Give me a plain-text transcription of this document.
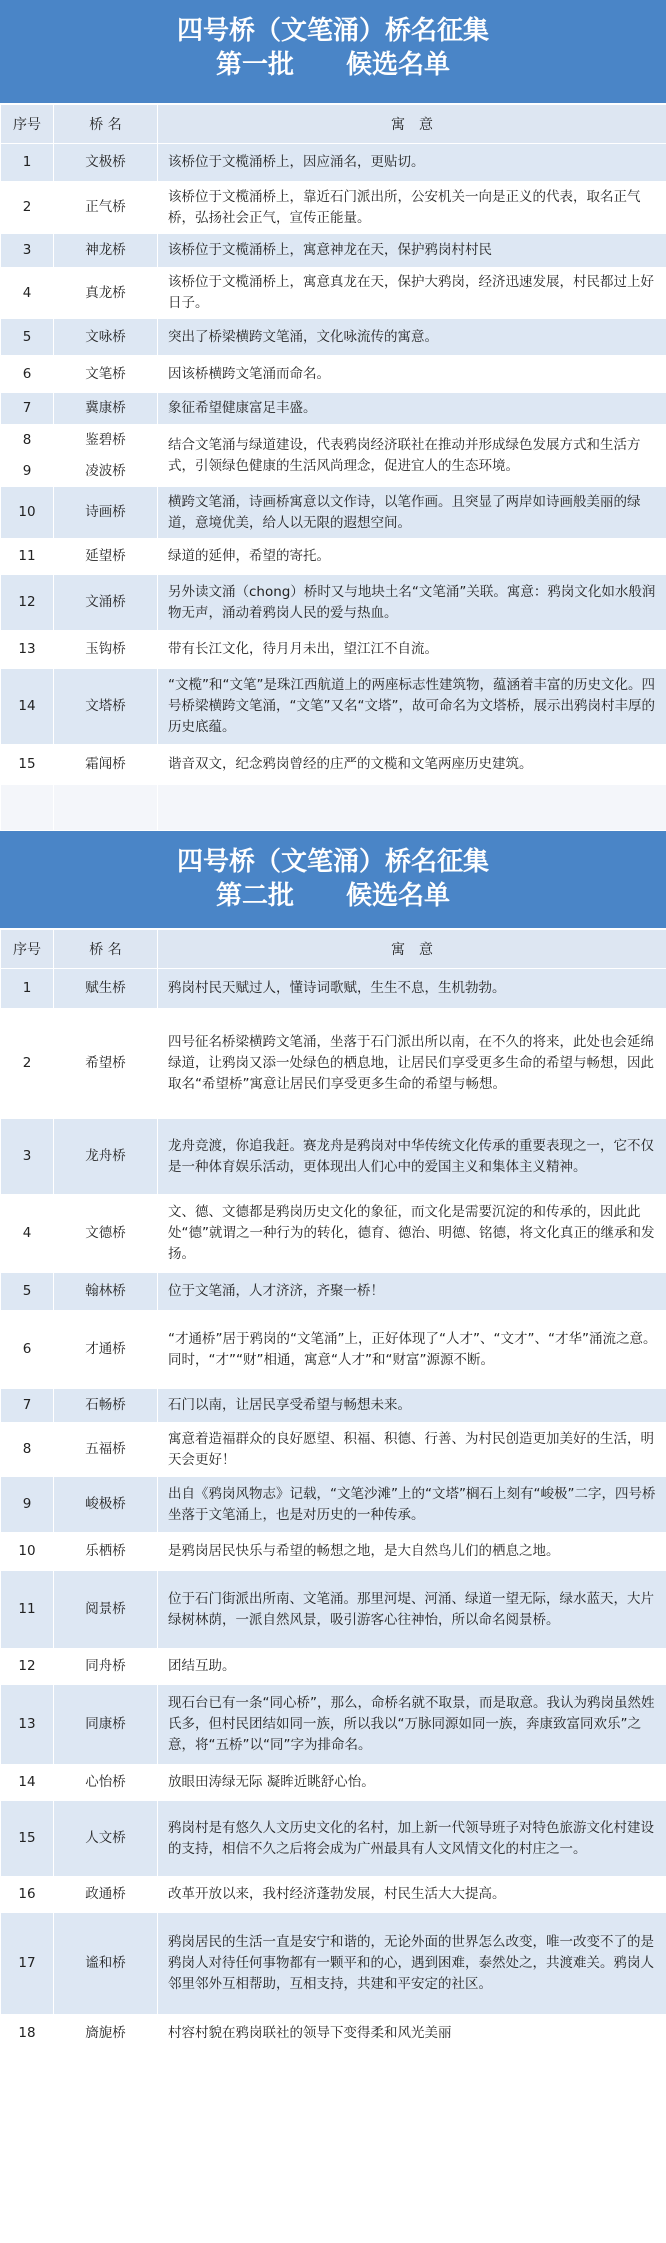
四号桥（文笔涌）桥名征集
第一批　　候选名单
序号	桥 名	寓　意
1	文极桥	该桥位于文榄涌桥上，因应涌名，更贴切。
2	正气桥	该桥位于文榄涌桥上，靠近石门派出所，公安机关一向是正义的代表，取名正气桥，弘扬社会正气，宣传正能量。
3	神龙桥	该桥位于文榄涌桥上，寓意神龙在天，保护鸦岗村村民
4	真龙桥	该桥位于文榄涌桥上，寓意真龙在天，保护大鸦岗，经济迅速发展，村民都过上好日子。
5	文咏桥	突出了桥梁横跨文笔涌，文化咏流传的寓意。
6	文笔桥	因该桥横跨文笔涌而命名。
7	冀康桥	象征希望健康富足丰盛。
8	鉴碧桥	结合文笔涌与绿道建设，代表鸦岗经济联社在推动并形成绿色发展方式和生活方式，引领绿色健康的生活风尚理念，促进宜人的生态环境。
9	凌波桥	
10	诗画桥	横跨文笔涌，诗画桥寓意以文作诗，以笔作画。且突显了两岸如诗画般美丽的绿道，意境优美，给人以无限的遐想空间。
11	延望桥	绿道的延伸，希望的寄托。
12	文涌桥	另外读文涌（chong）桥时又与地块土名“文笔涌”关联。寓意：鸦岗文化如水般润物无声，涌动着鸦岗人民的爱与热血。
13	玉钩桥	带有长江文化，待月月未出，望江江不自流。
14	文塔桥	“文榄”和“文笔”是珠江西航道上的两座标志性建筑物，蕴涵着丰富的历史文化。四号桥梁横跨文笔涌，“文笔”又名“文塔”，故可命名为文塔桥，展示出鸦岗村丰厚的历史底蕴。
15	霜闻桥	谐音双文，纪念鸦岗曾经的庄严的文榄和文笔两座历史建筑。

四号桥（文笔涌）桥名征集
第二批　　候选名单
序号	桥 名	寓　意
1	赋生桥	鸦岗村民天赋过人，懂诗词歌赋，生生不息，生机勃勃。
2	希望桥	四号征名桥梁横跨文笔涌，坐落于石门派出所以南，在不久的将来，此处也会延绵绿道，让鸦岗又添一处绿色的栖息地，让居民们享受更多生命的希望与畅想，因此取名“希望桥”寓意让居民们享受更多生命的希望与畅想。
3	龙舟桥	龙舟竞渡，你追我赶。赛龙舟是鸦岗对中华传统文化传承的重要表现之一，它不仅是一种体育娱乐活动，更体现出人们心中的爱国主义和集体主义精神。
4	文德桥	文、德、文德都是鸦岗历史文化的象征，而文化是需要沉淀的和传承的，因此此处“德”就谓之一种行为的转化，德育、德治、明德、铭德，将文化真正的继承和发扬。
5	翰林桥	位于文笔涌，人才济济，齐聚一桥！
6	才通桥	“才通桥”居于鸦岗的“文笔涌”上，正好体现了“人才”、“文才”、“才华”涌流之意。同时，“才”“财”相通，寓意“人才”和“财富”源源不断。
7	石畅桥	石门以南，让居民享受希望与畅想未来。
8	五福桥	寓意着造福群众的良好愿望、积福、积德、行善、为村民创造更加美好的生活，明天会更好！
9	峻极桥	出自《鸦岗风物志》记载，“文笔沙滩”上的“文塔”榈石上刻有“峻极”二字，四号桥坐落于文笔涌上，也是对历史的一种传承。
10	乐栖桥	是鸦岗居民快乐与希望的畅想之地，是大自然鸟儿们的栖息之地。
11	阅景桥	位于石门街派出所南、文笔涌。那里河堤、河涌、绿道一望无际，绿水蓝天，大片绿树林荫，一派自然风景，吸引游客心往神怡，所以命名阅景桥。
12	同舟桥	团结互助。
13	同康桥	现石台已有一条“同心桥”，那么，命桥名就不取景，而是取意。我认为鸦岗虽然姓氏多，但村民团结如同一族，所以我以“万脉同源如同一族，奔康致富同欢乐”之意，将“五桥”以“同”字为排命名。
14	心怡桥	放眼田涛绿无际 凝眸近眺舒心怡。
15	人文桥	鸦岗村是有悠久人文历史文化的名村，加上新一代领导班子对特色旅游文化村建设的支持，相信不久之后将会成为广州最具有人文风情文化的村庄之一。
16	政通桥	改革开放以来，我村经济蓬勃发展，村民生活大大提高。
17	谧和桥	鸦岗居民的生活一直是安宁和谐的，无论外面的世界怎么改变，唯一改变不了的是鸦岗人对待任何事物都有一颗平和的心，遇到困难，泰然处之，共渡难关。鸦岗人邻里邻外互相帮助，互相支持，共建和平安定的社区。
18	旖旎桥	村容村貌在鸦岗联社的领导下变得柔和风光美丽
